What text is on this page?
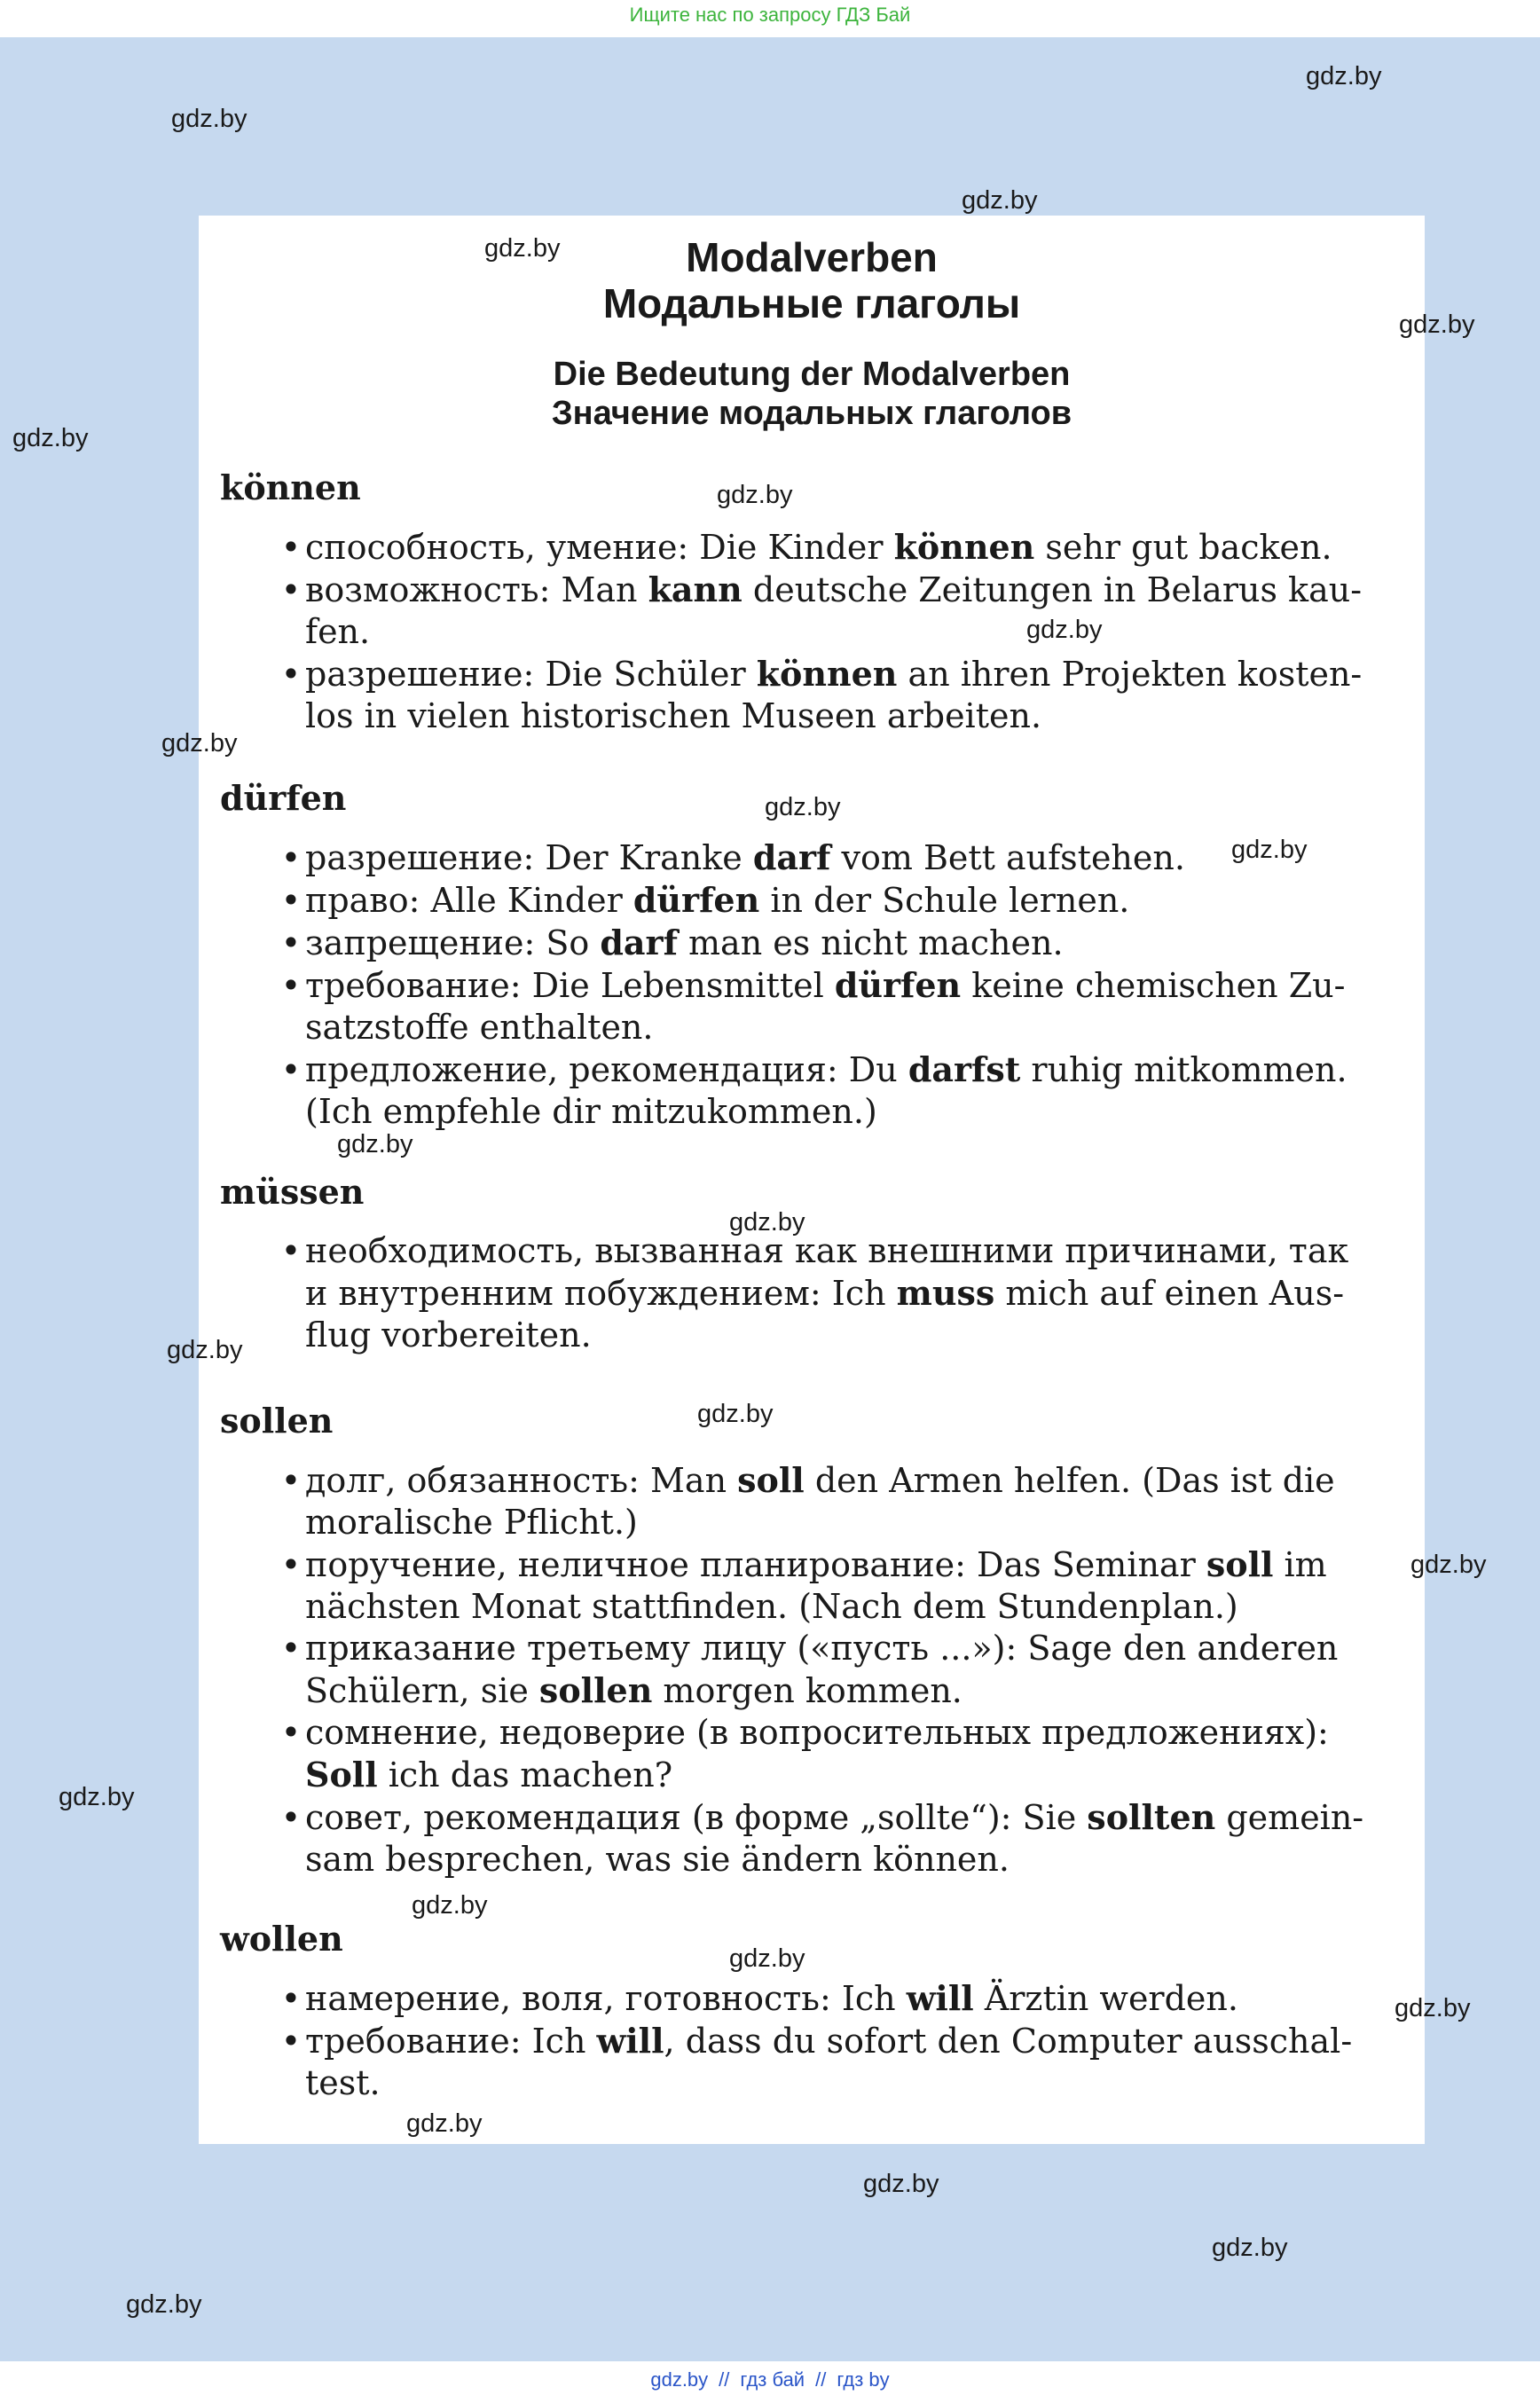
Ищите нас по запросу ГДЗ Бай
Modalverben
Модальные глаголы
Die Bedeutung der Modalverben
Значение модальных глаголов
können
• способность, умение: Die Kinder können sehr gut backen.
• возможность: Man kann deutsche Zeitungen in Belarus kau-
fen.
• разрешение: Die Schüler können an ihren Projekten kosten-
los in vielen historischen Museen arbeiten.
dürfen
• разрешение: Der Kranke darf vom Bett aufstehen.
• право: Alle Kinder dürfen in der Schule lernen.
• запрещение: So darf man es nicht machen.
• требование: Die Lebensmittel dürfen keine chemischen Zu-
satzstoffe enthalten.
• предложение, рекомендация: Du darfst ruhig mitkommen.
(Ich empfehle dir mitzukommen.)
müssen
• необходимость, вызванная как внешними причинами, так
и внутренним побуждением: Ich muss mich auf einen Aus-
flug vorbereiten.
sollen
• долг, обязанность: Man soll den Armen helfen. (Das ist die
moralische Pflicht.)
• поручение, неличное планирование: Das Seminar soll im
nächsten Monat stattfinden. (Nach dem Stundenplan.)
• приказание третьему лицу («пусть ...»): Sage den anderen
Schülern, sie sollen morgen kommen.
• сомнение, недоверие (в вопросительных предложениях):
Soll ich das machen?
• совет, рекомендация (в форме „sollte“): Sie sollten gemein-
sam besprechen, was sie ändern können.
wollen
• намерение, воля, готовность: Ich will Ärztin werden.
• требование: Ich will, dass du sofort den Computer ausschal-
test.
gdz.by
gdz.by
gdz.by
gdz.by
gdz.by
gdz.by
gdz.by
gdz.by
gdz.by
gdz.by
gdz.by
gdz.by
gdz.by
gdz.by
gdz.by
gdz.by
gdz.by
gdz.by
gdz.by
gdz.by
gdz.by
gdz.by
gdz.by
gdz.by
gdz.by // гдз бай // гдз by
